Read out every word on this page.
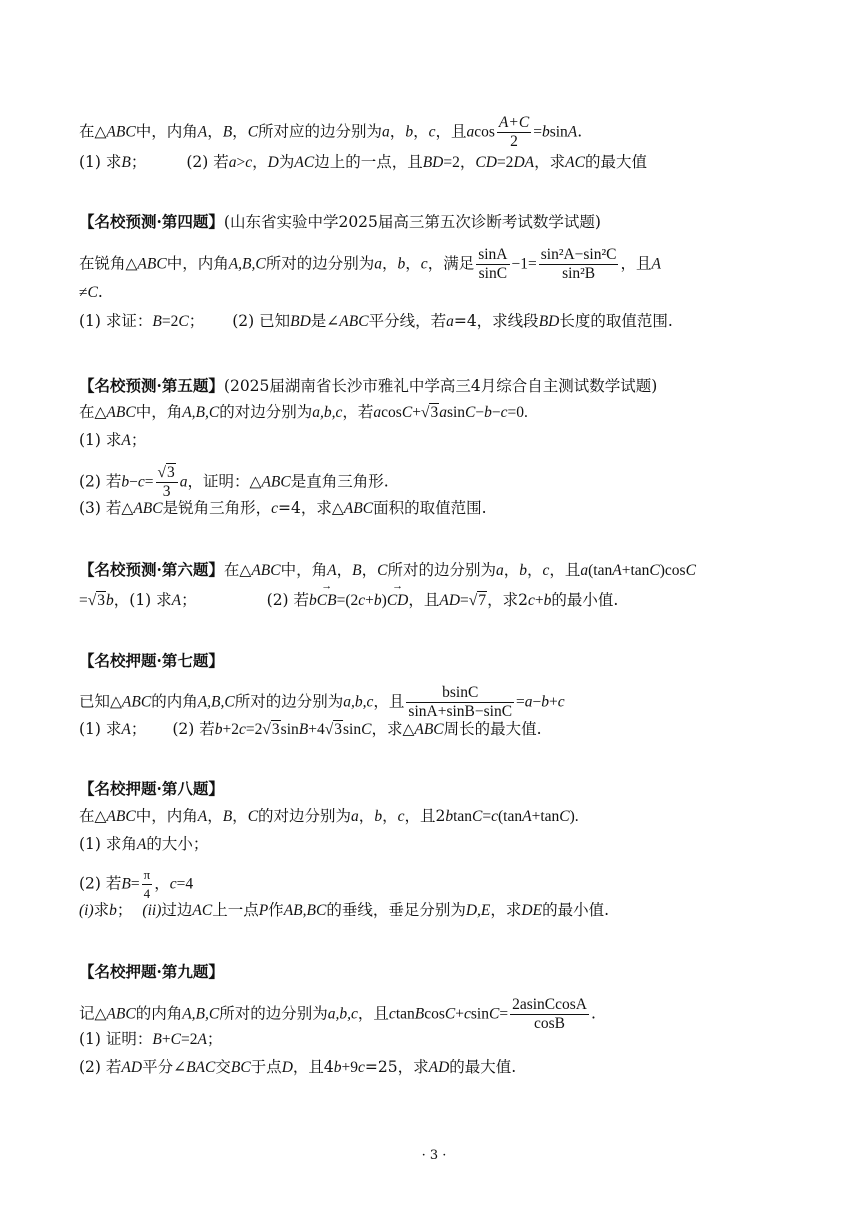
在△ABC中，内角A，B，C所对应的边分别为a，b，c，且acos $\frac{A+C}{2} =bsinA$.
(1) 求B；	(2) 若a>c，D为AC边上的一点，且BD=2，CD=2DA，求AC的最大值
【名校预测·第四题】(山东省实验中学2025届高三第五次诊断考试数学试题)
在锐角△ABC中，内角A,B,C所对的边分别为a，b，c，满足 $\frac{\sin A}{\sin C} -1= \frac{\text{sin²A−sin²C}}{\text{sin²B}}$ ，且A
≠C.
(1) 求证：B=2C； (2) 已知BD是∠ABC平分线，若a=4，求线段BD长度的取值范围.
【名校预测·第五题】(2025届湖南省长沙市雅礼中学高三4月综合自主测试数学试题)
在△ABC中，角A,B,C的对边分别为a,b,c，若acosC+√3asinC−b−c=0.
(1) 求A；
(2) 若$b-c= \frac{√3}{3}$ a，证明：△ABC是直角三角形.
(3) 若△ABC是锐角三角形，c=4，求△ABC面积的取值范围.
【名校预测·第六题】在△ABC中，角A，B，C所对的边分别为a，b，c，且a(tanA+tanC)cosC
=√3b，(1) 求A；	(2) 若b
→
CB=(2c+b)
→
CD，且AD=√7，求2c+b的最小值.
【名校押题·第七题】
已知△ABC的内角A,B,C所对的边分别为a,b,c，且 $\frac{bsinC}{\sin A+\sin B-\sin C} =a-b+c$
(1) 求A； (2) 若b+2c=2√3sinB+4√3sinC，求△ABC周长的最大值.
【名校押题·第八题】
在△ABC中，内角A，B，C的对边分别为a，b，c，且2btanC=c(tanA+tanC).
(1) 求角A的大小；
(2) 若$B= \frac{\pi}{4}$ ，c=4
(i)求b； (ii)过边AC上一点P作AB,BC的垂线，垂足分别为D,E，求DE的最小值.
【名校押题·第九题】
记△ABC的内角A,B,C所对的边分别为a,b,c，且ctanBcosC+csinC= $\frac{\text{2asinCcosA}}{\cos B}$ .
(1) 证明：B+C=2A；
(2) 若AD平分∠BAC交BC于点D，且4b+9c=25，求AD的最大值.
· 3 ·
